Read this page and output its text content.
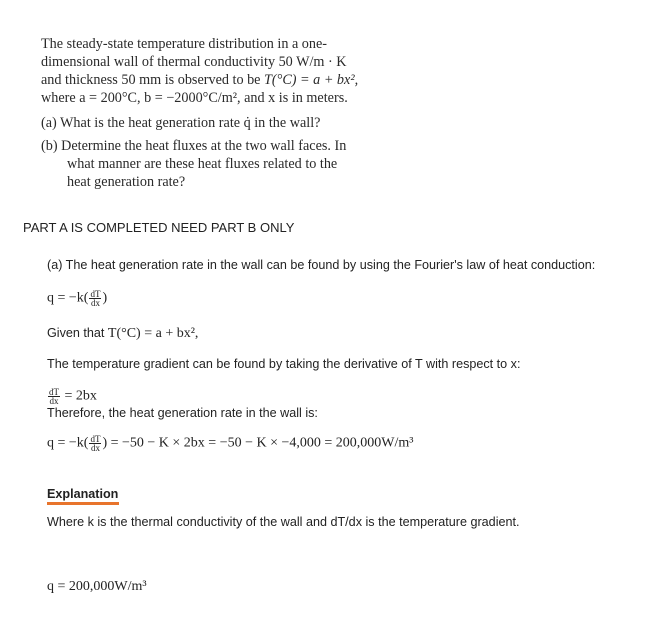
The steady-state temperature distribution in a one-
dimensional wall of thermal conductivity 50 W/m · K
and thickness 50 mm is observed to be T(°C) = a + bx²,
where a = 200°C, b = −2000°C/m², and x is in meters.
(a) What is the heat generation rate q̇ in the wall?
(b) Determine the heat fluxes at the two wall faces. In
what manner are these heat fluxes related to the
heat generation rate?
PART A IS COMPLETED NEED PART B ONLY
(a) The heat generation rate in the wall can be found by using the Fourier's law of heat conduction:
$q = -k( \frac{dT}{dx}$ )
Given that T(°C) = a + bx²,
The temperature gradient can be found by taking the derivative of T with respect to x:
$\frac{dT}{dx} = 2bx$
Therefore, the heat generation rate in the wall is:
$q = -k( \frac{dT}{dx}$ ) = −50 − K × 2bx = −50 − K × −4,000 = 200,000W/m³
Explanation
Where k is the thermal conductivity of the wall and dT/dx is the temperature gradient.
q = 200,000W/m³
